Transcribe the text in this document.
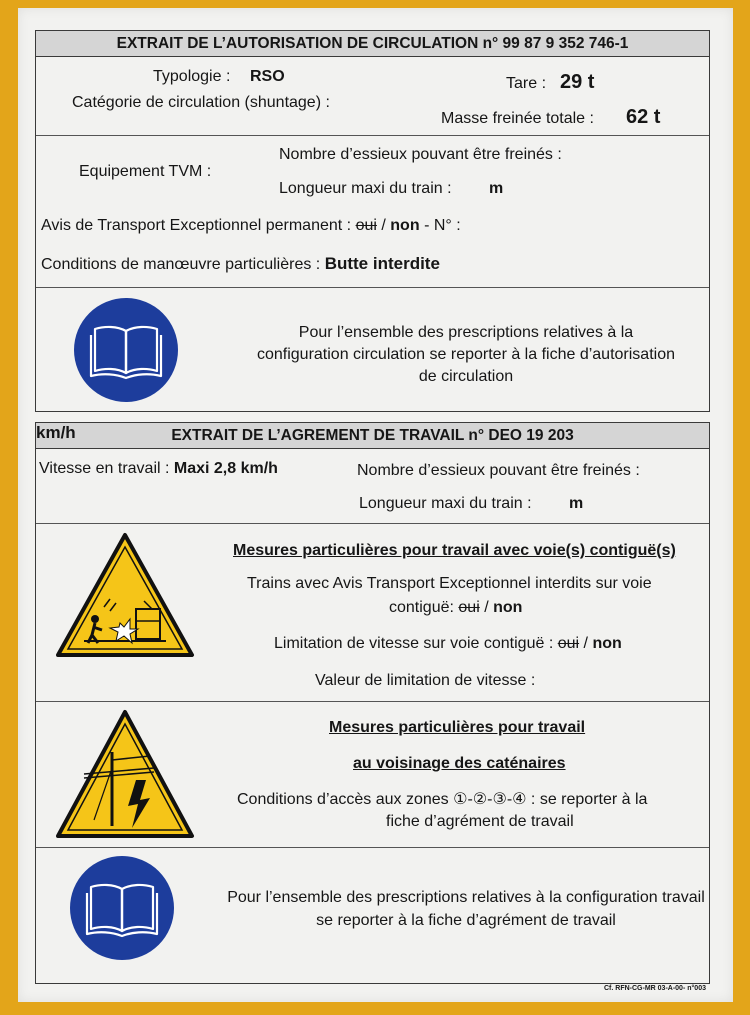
EXTRAIT DE L’AUTORISATION DE CIRCULATION n° 99 87 9 352 746-1
Typologie : RSO
Catégorie de circulation (shuntage) :
Tare : 29 t
Masse freinée totale : 62 t
Equipement TVM :
Nombre d’essieux pouvant être freinés :
Longueur maxi du train : m
Avis de Transport Exceptionnel permanent : oui / non - N° :
Conditions de manœuvre particulières : Butte interdite
Pour l’ensemble des prescriptions relatives à la configuration circulation se reporter à la fiche d’autorisation de circulation
EXTRAIT DE L’AGREMENT DE TRAVAIL n° DEO 19 203
Vitesse en travail : Maxi 2,8 km/h	Nombre d’essieux pouvant être freinés :
Longueur maxi du train : m
Mesures particulières pour travail avec voie(s) contiguë(s)
Trains avec Avis Transport Exceptionnel interdits sur voie
contiguë: oui / non
Limitation de vitesse sur voie contiguë : oui / non
Valeur de limitation de vitesse :
km/h
Mesures particulières pour travail
au voisinage des caténaires
Conditions d’accès aux zones ①-②-③-④ : se reporter à la
fiche d’agrément de travail
Pour l’ensemble des prescriptions relatives à la configuration travail se reporter à la fiche d’agrément de travail
Cf. RFN-CG-MR 03-A-00- n°003
